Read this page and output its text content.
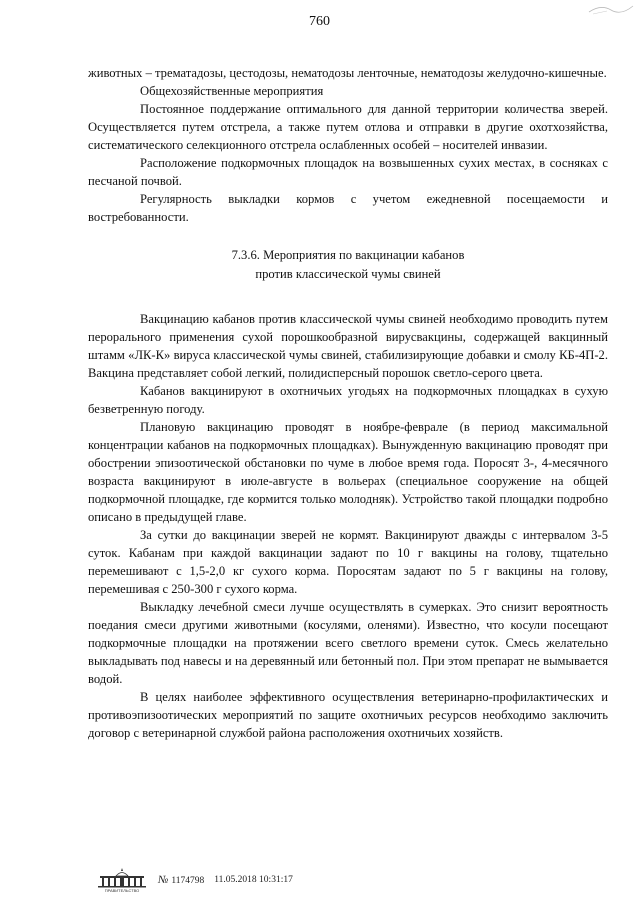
760

животных – трематадозы, цестодозы, нематодозы ленточные, нематодозы желудочно-кишечные.

Общехозяйственные мероприятия

Постоянное поддержание оптимального для данной территории количества зверей. Осуществляется путем отстрела, а также путем отлова и отправки в другие охотхозяйства, систематического селекционного отстрела ослабленных особей – носителей инвазии.

Расположение подкормочных площадок на возвышенных сухих местах, в сосняках с песчаной почвой.

Регулярность выкладки кормов с учетом ежедневной посещаемости и востребованности.

7.3.6. Мероприятия по вакцинации кабанов
против классической чумы свиней

Вакцинацию кабанов против классической чумы свиней необходимо проводить путем перорального применения сухой порошкообразной вирусвакцины, содержащей вакцинный штамм «ЛК-К» вируса классической чумы свиней, стабилизирующие добавки и смолу КБ-4П-2. Вакцина представляет собой легкий, полидисперсный порошок светло-серого цвета.

Кабанов вакцинируют в охотничьих угодьях на подкормочных площадках в сухую безветренную погоду.

Плановую вакцинацию проводят в ноябре-феврале (в период максимальной концентрации кабанов на подкормочных площадках). Вынужденную вакцинацию проводят при обострении эпизоотической обстановки по чуме в любое время года. Поросят 3-, 4-месячного возраста вакцинируют в июле-августе в вольерах (специальное сооружение на общей подкормочной площадке, где кормится только молодняк). Устройство такой площадки подробно описано в предыдущей главе.

За сутки до вакцинации зверей не кормят. Вакцинируют дважды с интервалом 3-5 суток. Кабанам при каждой вакцинации задают по 10 г вакцины на голову, тщательно перемешивают с 1,5-2,0 кг сухого корма. Поросятам задают по 5 г вакцины на голову, перемешивая с 250-300 г сухого корма.

Выкладку лечебной смеси лучше осуществлять в сумерках. Это снизит вероятность поедания смеси другими животными (косулями, оленями). Известно, что косули посещают подкормочные площадки на протяжении всего светлого времени суток. Смесь желательно выкладывать под навесы и на деревянный или бетонный пол. При этом препарат не вымывается водой.

В целях наиболее эффективного осуществления ветеринарно-профилактических и противоэпизоотических мероприятий по защите охотничьих ресурсов необходимо заключить договор с ветеринарной службой района расположения охотничьих хозяйств.

ПРАВИТЕЛЬСТВО
№ 1174798 11.05.2018 10:31:17
